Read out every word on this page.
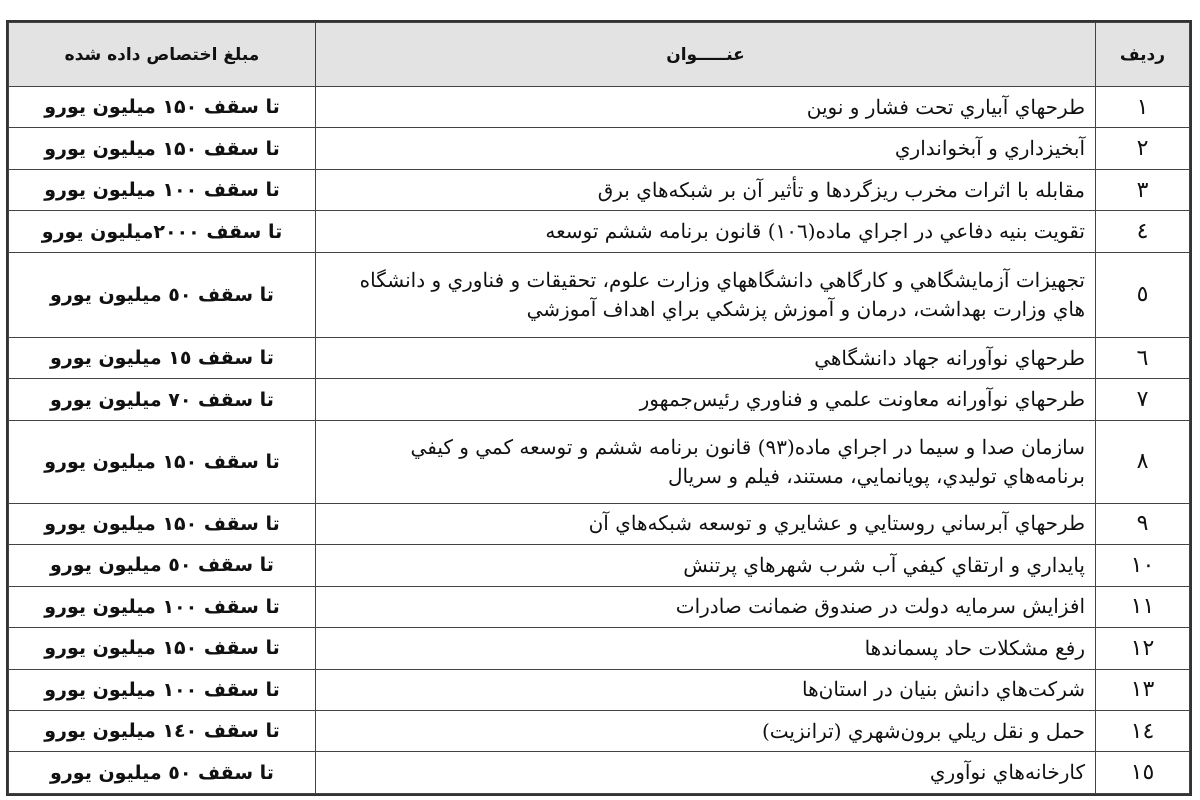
ردیف	عنـــــوان	مبلغ اختصاص داده شده
۱	طرحهاي آبياري تحت فشار و نوين	تا سقف ۱۵۰ ميليون يورو
۲	آبخيزداري و آبخوانداري	تا سقف ۱۵۰ ميليون يورو
۳	مقابله با اثرات مخرب ريزگردها و تأثير آن بر شبکه‌هاي برق	تا سقف ۱۰۰ ميليون يورو
٤	تقويت بنيه دفاعي در اجراي ماده(۱۰٦) قانون برنامه ششم توسعه	تا سقف ۲۰۰۰ميليون يورو
٥	تجهيزات آزمايشگاهي و کارگاهي دانشگاههاي وزارت علوم، تحقيقات و فناوري و دانشگاه هاي وزارت بهداشت، درمان و آموزش پزشکي براي اهداف آموزشي	تا سقف ٥٠ ميليون يورو
٦	طرحهاي نوآورانه جهاد دانشگاهي	تا سقف ۱٥ ميليون يورو
۷	طرحهاي نوآورانه معاونت علمي و فناوري رئيس‌جمهور	تا سقف ۷۰ ميليون يورو
۸	سازمان صدا و سيما در اجراي ماده(۹۳) قانون برنامه ششم و توسعه کمي و کيفي برنامه‌هاي توليدي، پويانمايي، مستند، فيلم و سريال	تا سقف ۱۵۰ ميليون يورو
۹	طرحهاي آبرساني روستايي و عشايري و توسعه شبکه‌هاي آن	تا سقف ۱۵۰ ميليون يورو
۱۰	پايداري و ارتقاي کيفي آب شرب شهرهاي پرتنش	تا سقف ٥٠ ميليون يورو
۱۱	افزايش سرمايه دولت در صندوق ضمانت صادرات	تا سقف ۱۰۰ ميليون يورو
۱۲	رفع مشکلات حاد پسماندها	تا سقف ۱۵۰ ميليون يورو
۱۳	شرکت‌هاي دانش بنيان در استان‌ها	تا سقف ۱۰۰ ميليون يورو
۱٤	حمل و نقل ريلي برون‌شهري (ترانزيت)	تا سقف ۱٤۰ ميليون يورو
۱٥	کارخانه‌هاي نوآوري	تا سقف ٥۰ ميليون يورو
